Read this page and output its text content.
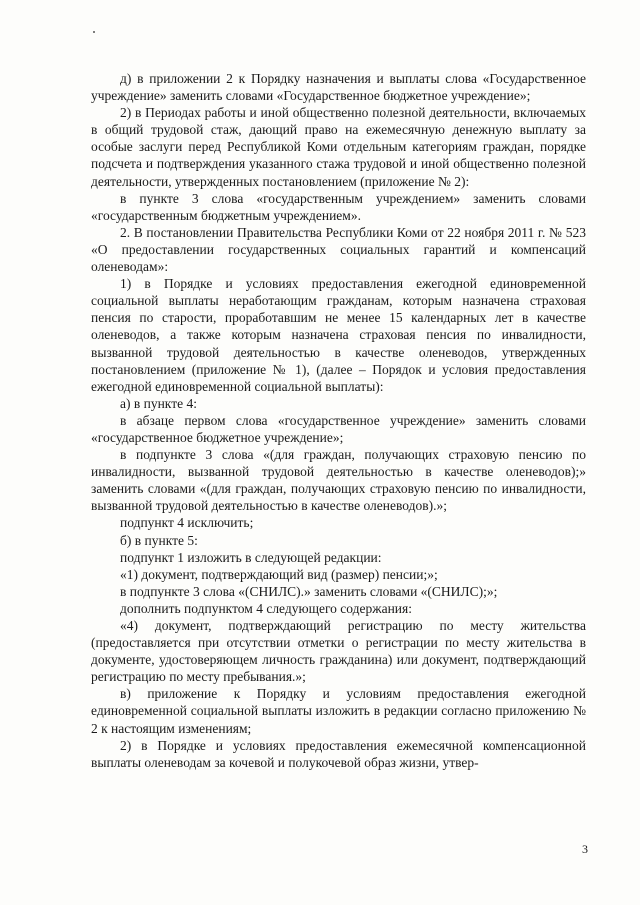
д) в приложении 2 к Порядку назначения и выплаты слова «Государственное учреждение» заменить словами «Государственное бюджетное учреждение»;

2) в Периодах работы и иной общественно полезной деятельности, включаемых в общий трудовой стаж, дающий право на ежемесячную денежную выплату за особые заслуги перед Республикой Коми отдельным категориям граждан, порядке подсчета и подтверждения указанного стажа трудовой и иной общественно полезной деятельности, утвержденных постановлением (приложение № 2):

в пункте 3 слова «государственным учреждением» заменить словами «государственным бюджетным учреждением».

2. В постановлении Правительства Республики Коми от 22 ноября 2011 г. № 523 «О предоставлении государственных социальных гарантий и компенсаций оленеводам»:

1) в Порядке и условиях предоставления ежегодной единовременной социальной выплаты неработающим гражданам, которым назначена страховая пенсия по старости, проработавшим не менее 15 календарных лет в качестве оленеводов, а также которым назначена страховая пенсия по инвалидности, вызванной трудовой деятельностью в качестве оленеводов, утвержденных постановлением (приложение № 1), (далее – Порядок и условия предоставления ежегодной единовременной социальной выплаты):

а) в пункте 4:

в абзаце первом слова «государственное учреждение» заменить словами «государственное бюджетное учреждение»;

в подпункте 3 слова «(для граждан, получающих страховую пенсию по инвалидности, вызванной трудовой деятельностью в качестве оленеводов);» заменить словами «(для граждан, получающих страховую пенсию по инвалидности, вызванной трудовой деятельностью в качестве оленеводов).»;

подпункт 4 исключить;

б) в пункте 5:

подпункт 1 изложить в следующей редакции:

«1) документ, подтверждающий вид (размер) пенсии;»;

в подпункте 3 слова «(СНИЛС).» заменить словами «(СНИЛС);»;

дополнить подпунктом 4 следующего содержания:

«4) документ, подтверждающий регистрацию по месту жительства (предоставляется при отсутствии отметки о регистрации по месту жительства в документе, удостоверяющем личность гражданина) или документ, подтверждающий регистрацию по месту пребывания.»;

в) приложение к Порядку и условиям предоставления ежегодной единовременной социальной выплаты изложить в редакции согласно приложению № 2 к настоящим изменениям;

2) в Порядке и условиях предоставления ежемесячной компенсационной выплаты оленеводам за кочевой и полукочевой образ жизни, утвер-

3
